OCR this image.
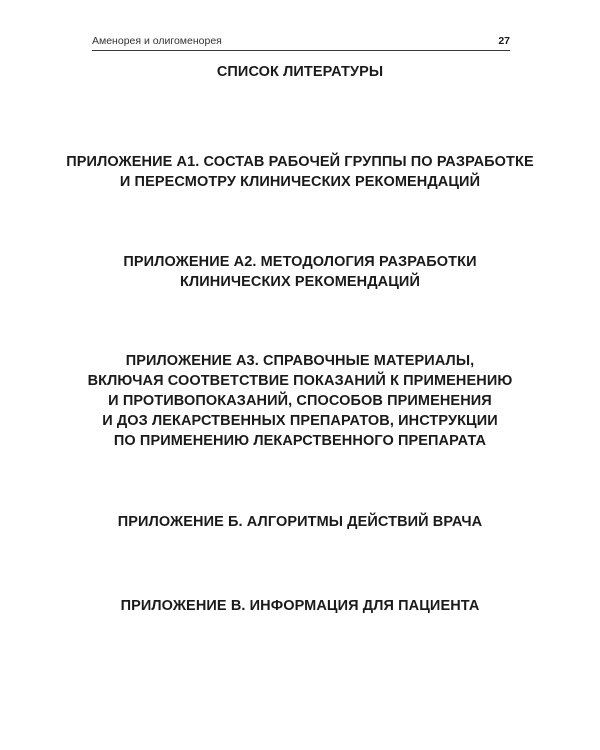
Аменорея и олигоменорея	27
СПИСОК ЛИТЕРАТУРЫ
ПРИЛОЖЕНИЕ А1. СОСТАВ РАБОЧЕЙ ГРУППЫ ПО РАЗРАБОТКЕ
И ПЕРЕСМОТРУ КЛИНИЧЕСКИХ РЕКОМЕНДАЦИЙ
ПРИЛОЖЕНИЕ А2. МЕТОДОЛОГИЯ РАЗРАБОТКИ
КЛИНИЧЕСКИХ РЕКОМЕНДАЦИЙ
ПРИЛОЖЕНИЕ А3. СПРАВОЧНЫЕ МАТЕРИАЛЫ,
ВКЛЮЧАЯ СООТВЕТСТВИЕ ПОКАЗАНИЙ К ПРИМЕНЕНИЮ
И ПРОТИВОПОКАЗАНИЙ, СПОСОБОВ ПРИМЕНЕНИЯ
И ДОЗ ЛЕКАРСТВЕННЫХ ПРЕПАРАТОВ, ИНСТРУКЦИИ
ПО ПРИМЕНЕНИЮ ЛЕКАРСТВЕННОГО ПРЕПАРАТА
ПРИЛОЖЕНИЕ Б. АЛГОРИТМЫ ДЕЙСТВИЙ ВРАЧА
ПРИЛОЖЕНИЕ В. ИНФОРМАЦИЯ ДЛЯ ПАЦИЕНТА
